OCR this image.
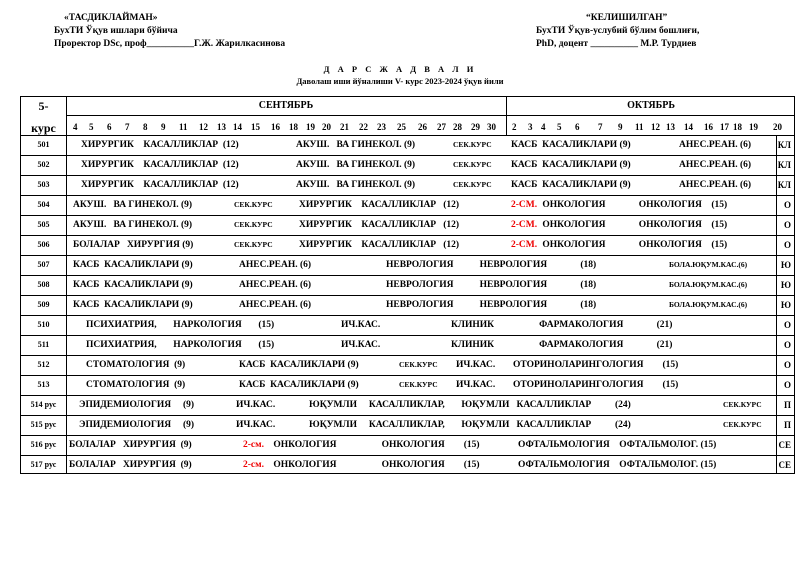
«ТАСДИКЛАЙМАН»
БухТИ Ўқув ишлари бўйича
Проректор DSc, проф__________Г.Ж. Жарилкасинова
“КЕЛИШИЛГАН”
БухТИ Ўқув-услубий бўлим бошлиғи,
PhD, доцент __________ М.Р. Турдиев
Д А Р С Ж А Д В А Л И
Даволаш иши йўналиши V- курс 2023-2024 ўқув йили
5-
курс
СЕНТЯБРЬ	ОКТЯБРЬ
4 5 6 7 8 9 11 12 13 14 15 16 18 19 20 21 22 23 25 26 27 28 29 30 2 3 4 5 6 7 9 11 12 13 14 16 17 18 19 20
501	ХИРУРГИК    КАСАЛЛИКЛАР  (12)	АКУШ.   ВА ГИНЕКОЛ. (9)	СЕК.КУРС КАСБ  КАСАЛИКЛАРИ (9)	АНЕС.РЕАН. (6)	КЛ
502	ХИРУРГИК    КАСАЛЛИКЛАР  (12)	АКУШ.   ВА ГИНЕКОЛ. (9)	СЕК.КУРС КАСБ  КАСАЛИКЛАРИ (9)	АНЕС.РЕАН. (6)	КЛ
503	ХИРУРГИК    КАСАЛЛИКЛАР  (12)	АКУШ.   ВА ГИНЕКОЛ. (9)	СЕК.КУРС КАСБ  КАСАЛИКЛАРИ (9)	АНЕС.РЕАН. (6)	КЛ
504	АКУШ.   ВА ГИНЕКОЛ. (9)	СЕК.КУРС	ХИРУРГИК    КАСАЛЛИКЛАР   (12)	2-СМ. ОНКОЛОГИЯ              ОНКОЛОГИЯ    (15)	О
505	АКУШ.   ВА ГИНЕКОЛ. (9)	СЕК.КУРС	ХИРУРГИК    КАСАЛЛИКЛАР   (12)	2-СМ. ОНКОЛОГИЯ              ОНКОЛОГИЯ    (15)	О
506	БОЛАЛАР   ХИРУРГИЯ (9)	СЕК.КУРС	ХИРУРГИК    КАСАЛЛИКЛАР   (12)	2-СМ. ОНКОЛОГИЯ              ОНКОЛОГИЯ    (15)	О
507	КАСБ  КАСАЛИКЛАРИ (9)	АНЕС.РЕАН. (6)	НЕВРОЛОГИЯ           НЕВРОЛОГИЯ              (18)	БОЛА.ЮҚУМ.КАС.(6)	Ю
508	КАСБ  КАСАЛИКЛАРИ (9)	АНЕС.РЕАН. (6)	НЕВРОЛОГИЯ           НЕВРОЛОГИЯ              (18)	БОЛА.ЮҚУМ.КАС.(6)	Ю
509	КАСБ  КАСАЛИКЛАРИ (9)	АНЕС.РЕАН. (6)	НЕВРОЛОГИЯ           НЕВРОЛОГИЯ              (18)	БОЛА.ЮҚУМ.КАС.(6)	Ю
510	ПСИХИАТРИЯ,       НАРКОЛОГИЯ       (15)	ИЧ.КАС.	КЛИНИК                   ФАРМАКОЛОГИЯ              (21)	О
511	ПСИХИАТРИЯ,       НАРКОЛОГИЯ       (15)	ИЧ.КАС.	КЛИНИК                   ФАРМАКОЛОГИЯ              (21)	О
512	СТОМАТОЛОГИЯ  (9)	КАСБ  КАСАЛИКЛАРИ (9)	СЕК.КУРС ИЧ.КАС. ОТОРИНОЛАРИНГОЛОГИЯ        (15)	О
513	СТОМАТОЛОГИЯ  (9)	КАСБ  КАСАЛИКЛАРИ (9)	СЕК.КУРС ИЧ.КАС. ОТОРИНОЛАРИНГОЛОГИЯ        (15)	О
514 рус	ЭПИДЕМИОЛОГИЯ     (9)	ИЧ.КАС.	ЮҚУМЛИ     КАСАЛЛИКЛАР,       ЮҚУМЛИ   КАСАЛЛИКЛАР          (24)	СЕК.КУРС П
515 рус	ЭПИДЕМИОЛОГИЯ     (9)	ИЧ.КАС.	ЮҚУМЛИ     КАСАЛЛИКЛАР,       ЮҚУМЛИ   КАСАЛЛИКЛАР          (24)	СЕК.КУРС П
516 рус	БОЛАЛАР   ХИРУРГИЯ  (9)	2-см. ОНКОЛОГИЯ                   ОНКОЛОГИЯ        (15)	ОФТАЛЬМОЛОГИЯ    ОФТАЛЬМОЛОГ. (15)	СЕ
517 рус	БОЛАЛАР   ХИРУРГИЯ  (9)	2-см. ОНКОЛОГИЯ                   ОНКОЛОГИЯ        (15)	ОФТАЛЬМОЛОГИЯ    ОФТАЛЬМОЛОГ. (15)	СЕ
